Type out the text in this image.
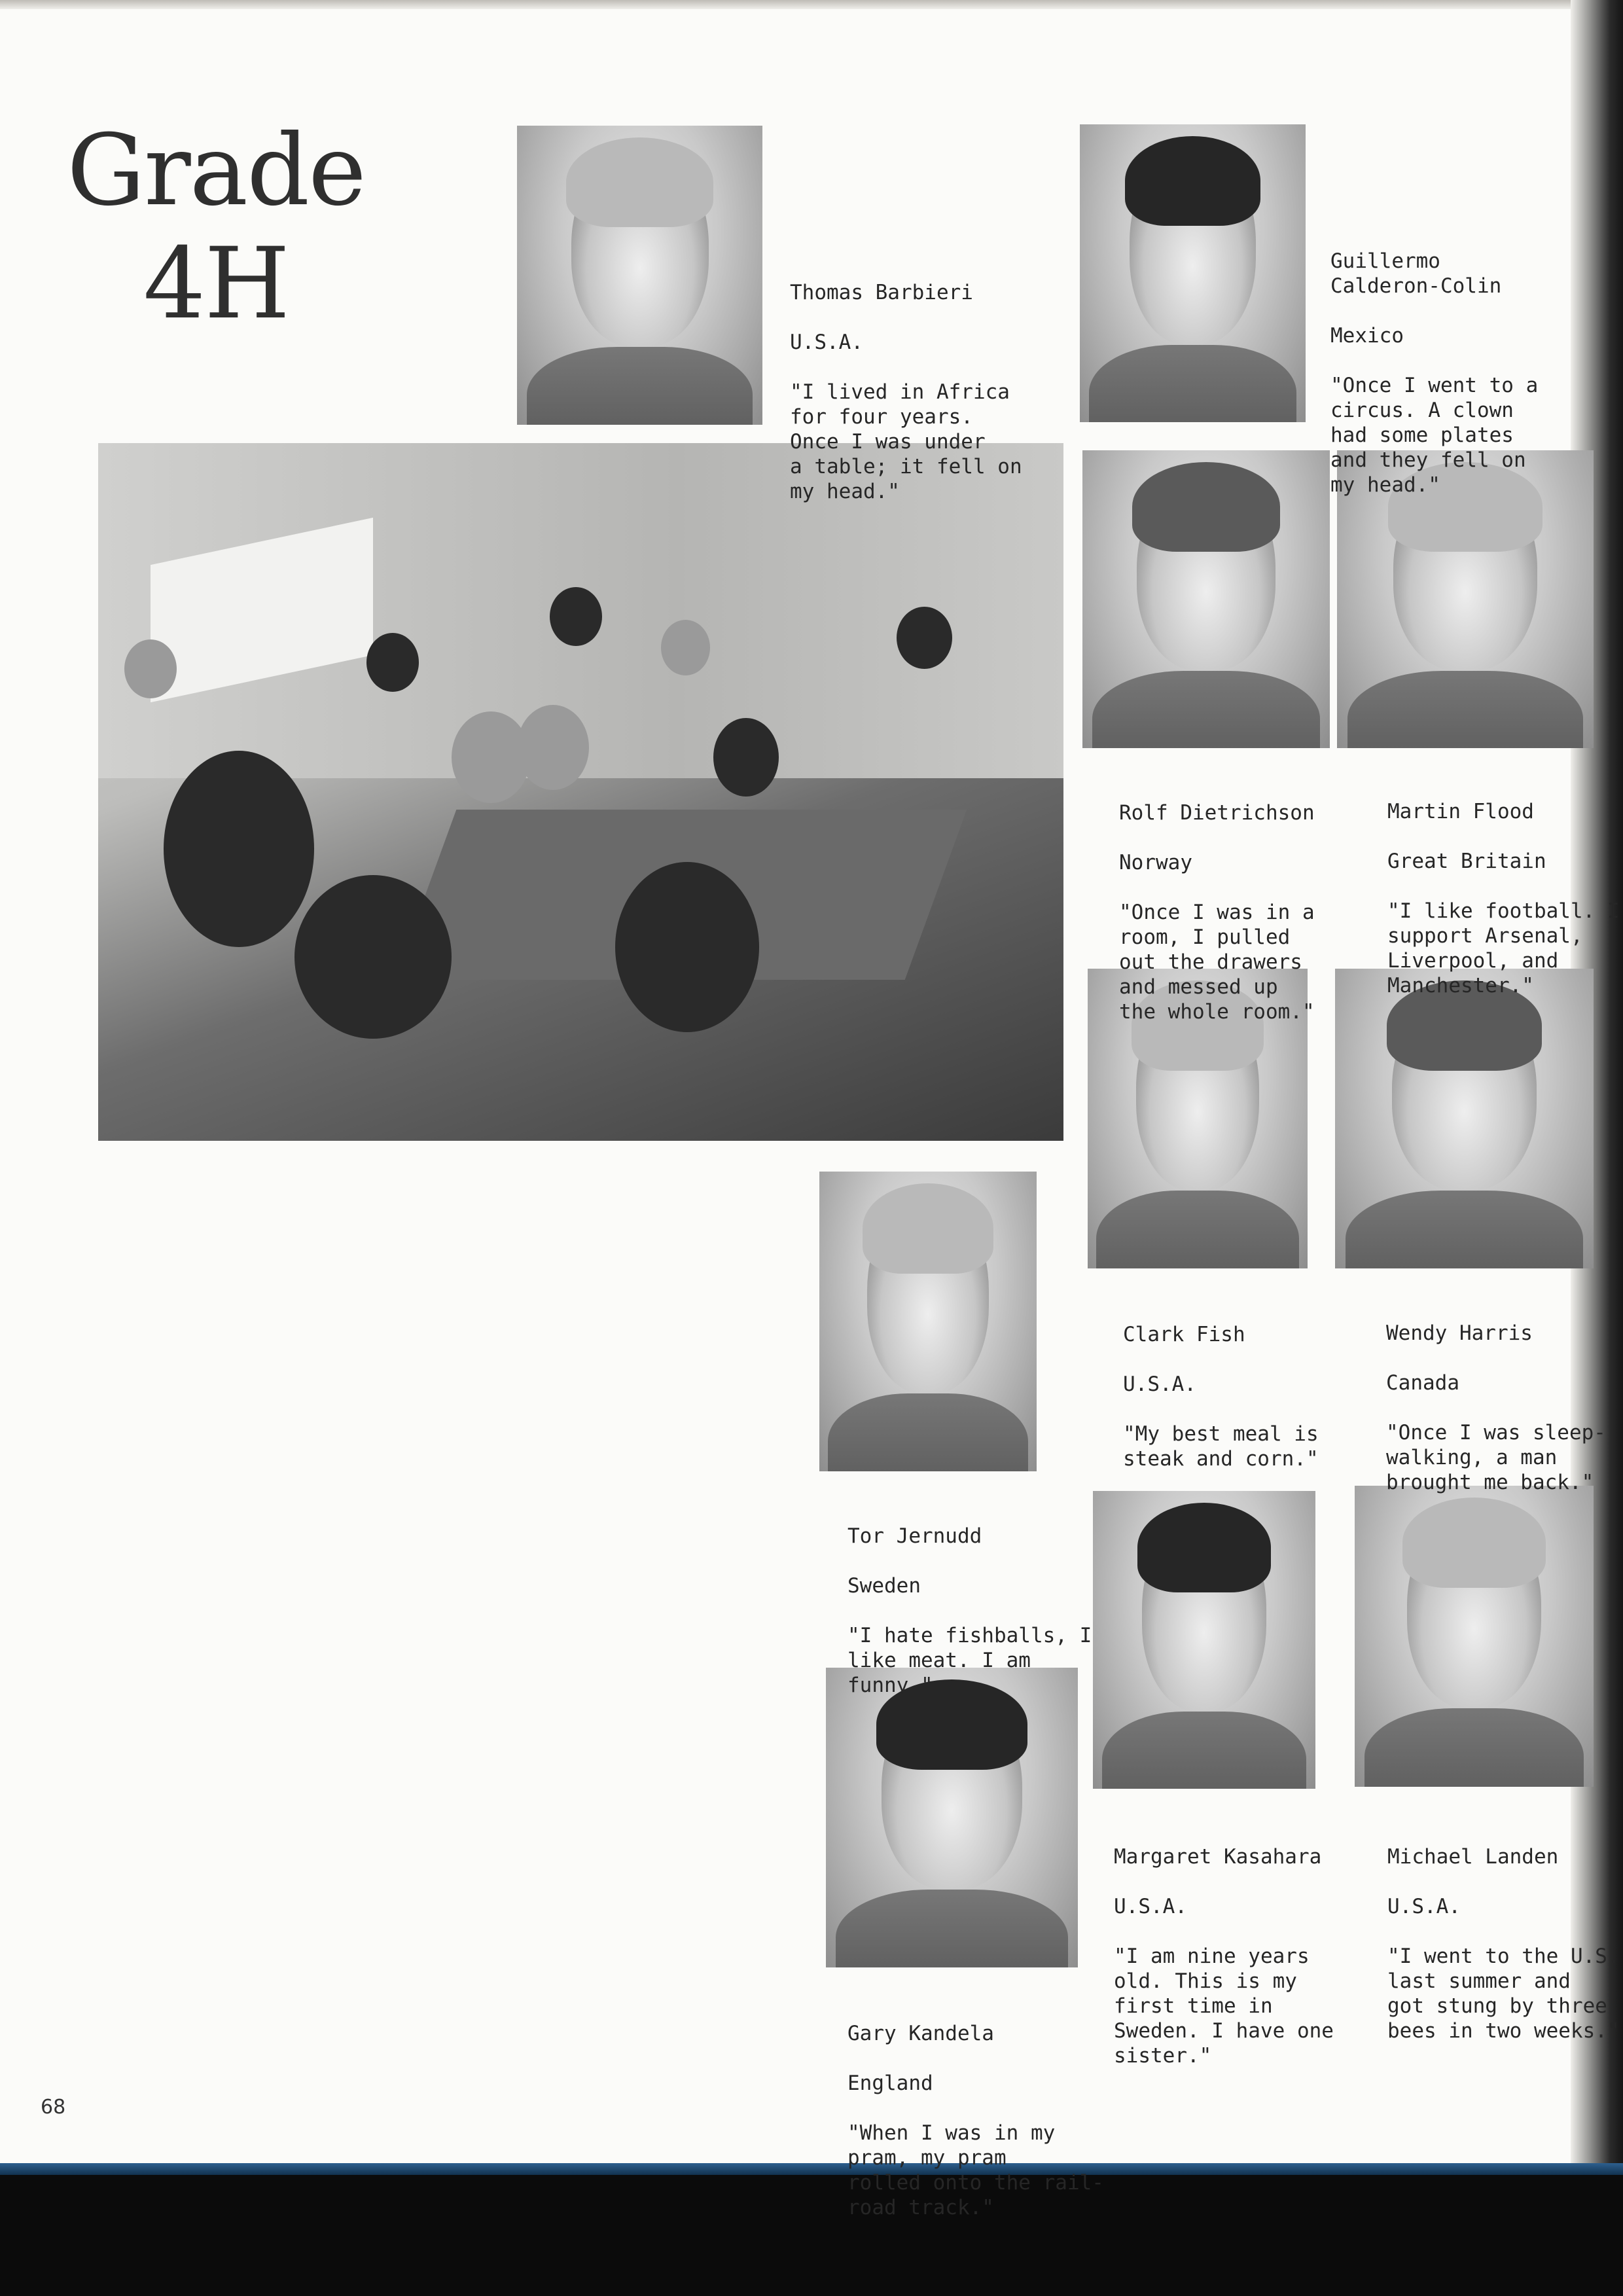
Grade
4H	Thomas Barbieri

U.S.A.

"I lived in Africa
for four years.
Once I was under
a table; it fell on
my head."

Guillermo
Calderon-Colin

Mexico

"Once I went to a
circus. A clown
had some plates
and they fell on
my head."

Rolf Dietrichson

Norway

"Once I was in a
room, I pulled
out the drawers
and messed up
the whole room."

Martin Flood

Great Britain

"I like football. I
support Arsenal,
Liverpool, and
Manchester."

Clark Fish

U.S.A.

"My best meal is
steak and corn."

Wendy Harris

Canada

"Once I was sleep-
walking, a man
brought me back."

Tor Jernudd

Sweden

"I hate fishballs, I
like meat. I am
funny."

Margaret Kasahara

U.S.A.

"I am nine years
old. This is my
first time in
Sweden. I have one
sister."

Michael Landen

U.S.A.

"I went to the U.S.
last summer and
got stung by three
bees in two weeks."

Gary Kandela

England

"When I was in my
pram, my pram
rolled onto the rail-
road track."

68
